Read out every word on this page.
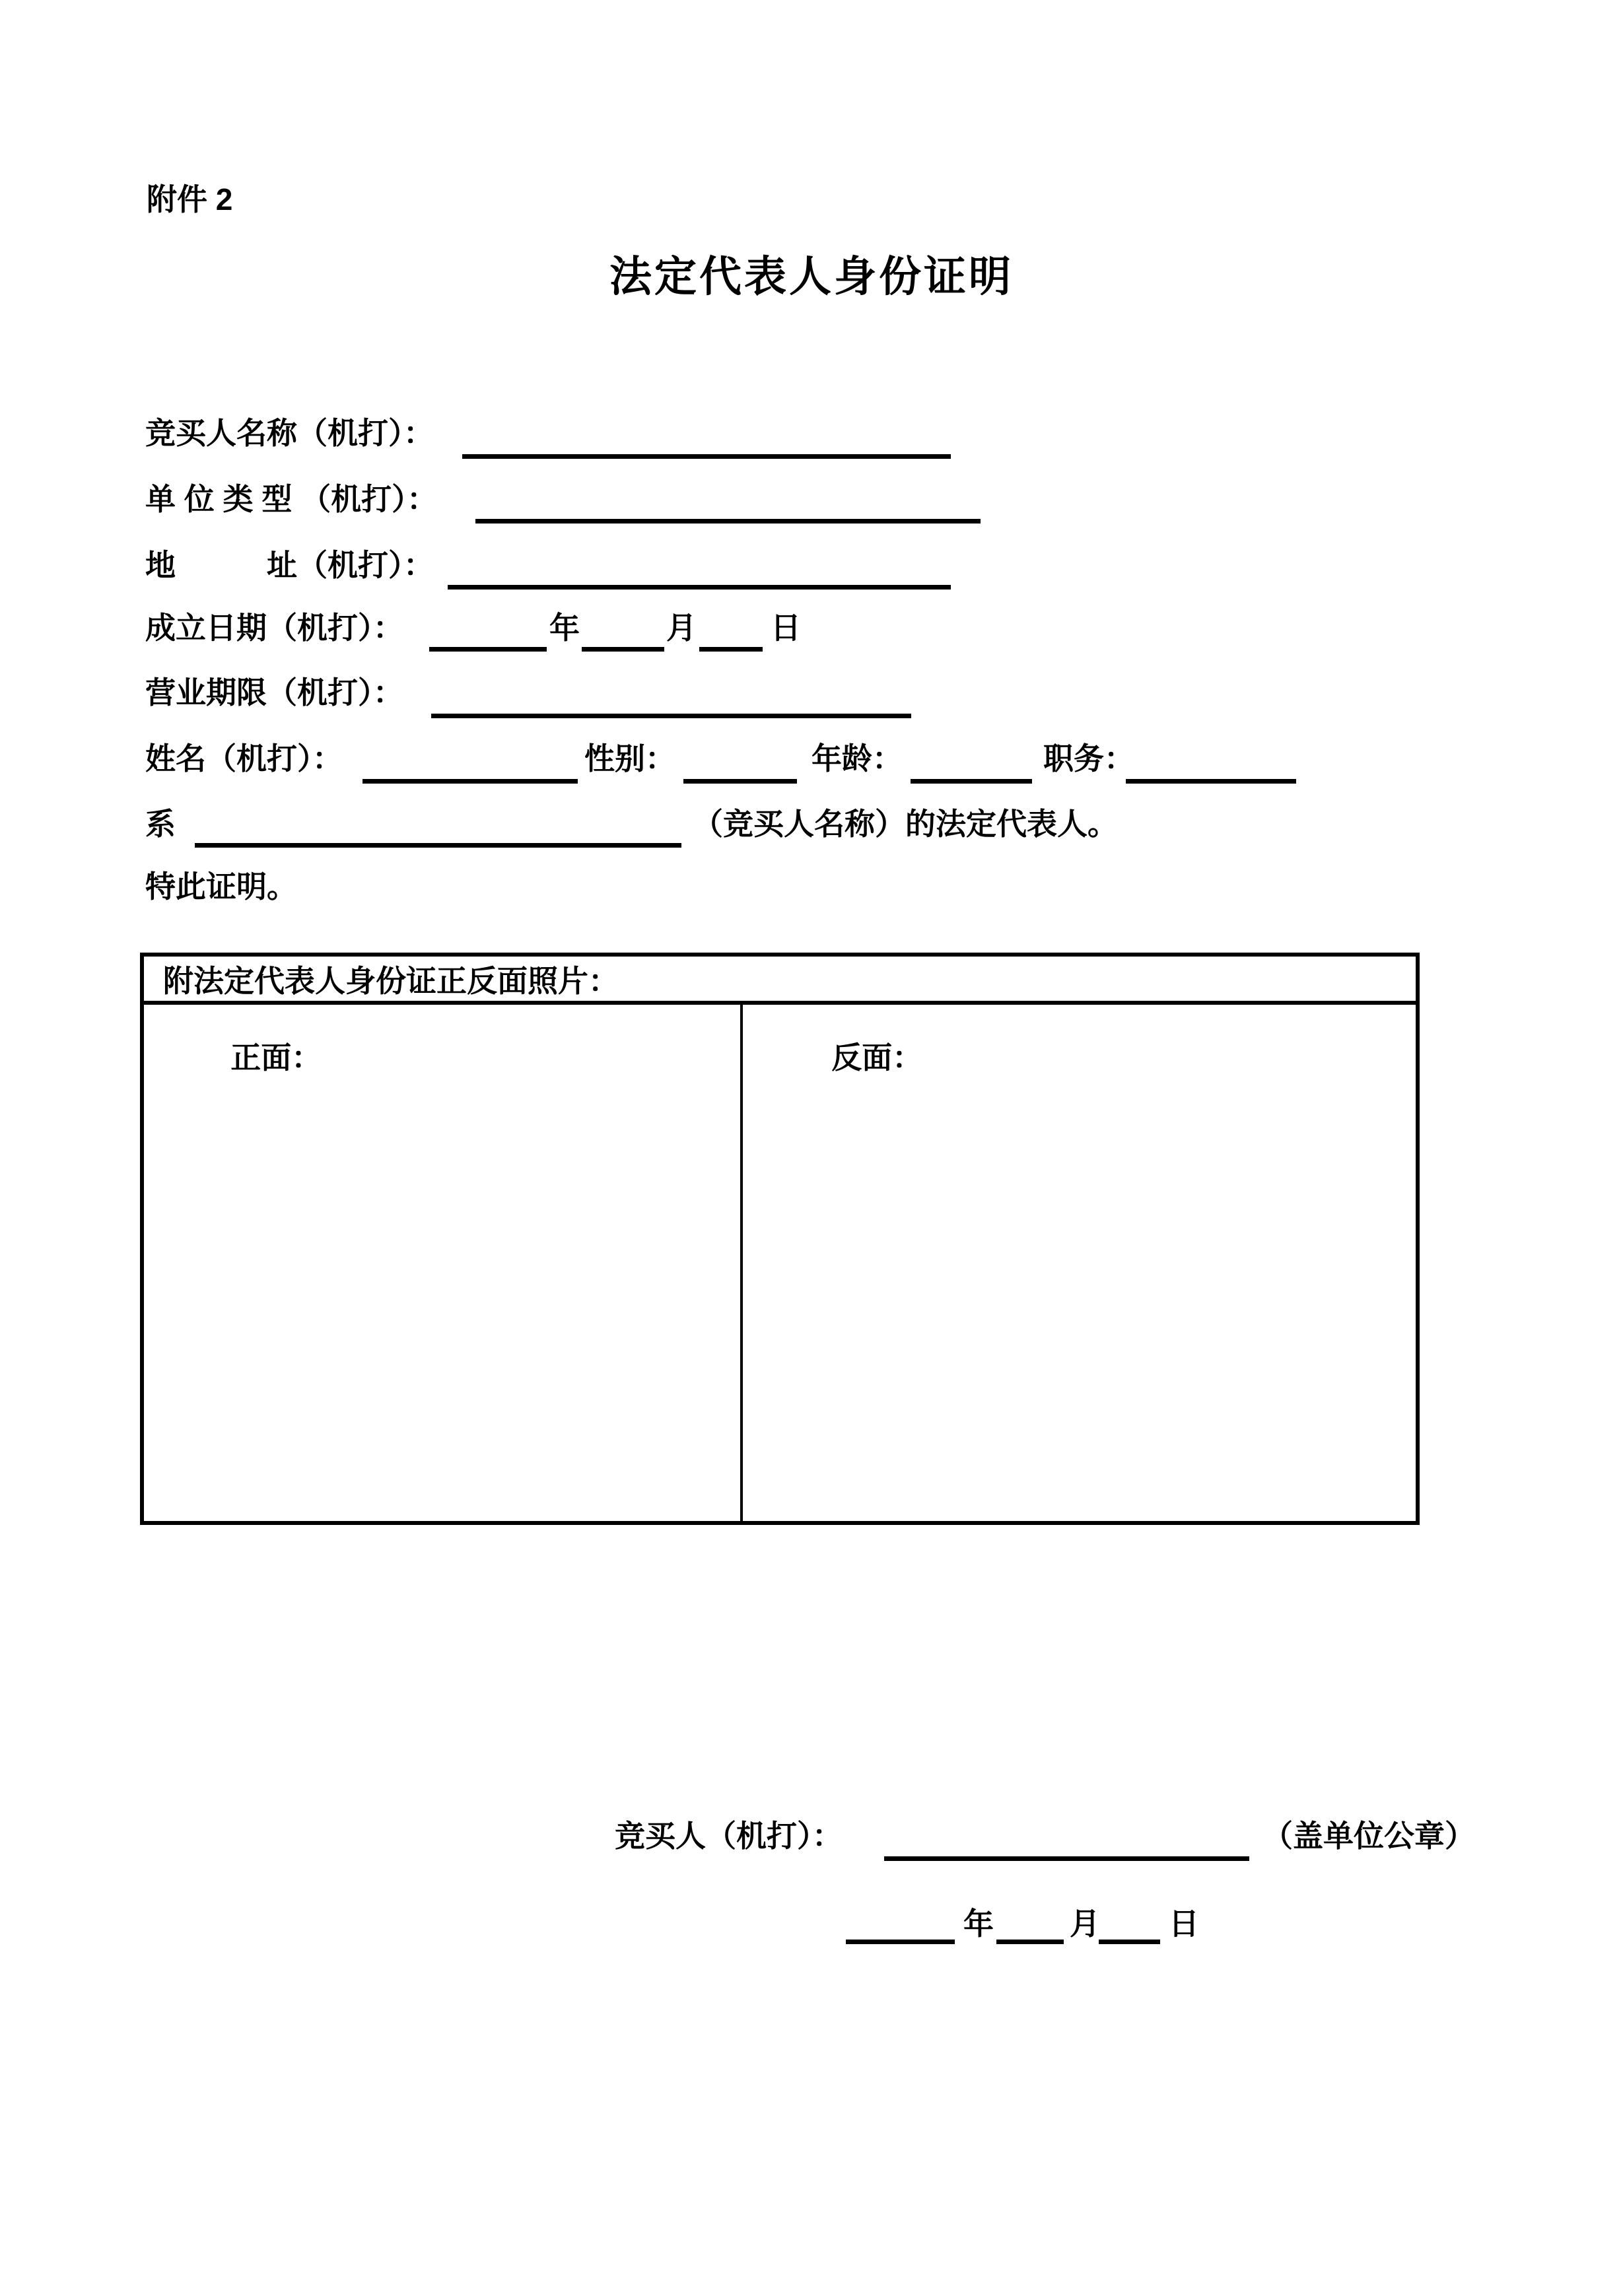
附件 2
法定代表人身份证明
竞买人名称（机打）：
单 位 类 型 （机打）：
地　　　址（机打）：
成立日期（机打）：	年	月 日
营业期限（机打）：
姓名（机打）：	性别：	年龄：	职务：
系	（竞买人名称）的法定代表人。
特此证明。
附法定代表人身份证正反面照片：

正面：
	反面：

竞买人（机打）：	（盖单位公章）
年	月 日
